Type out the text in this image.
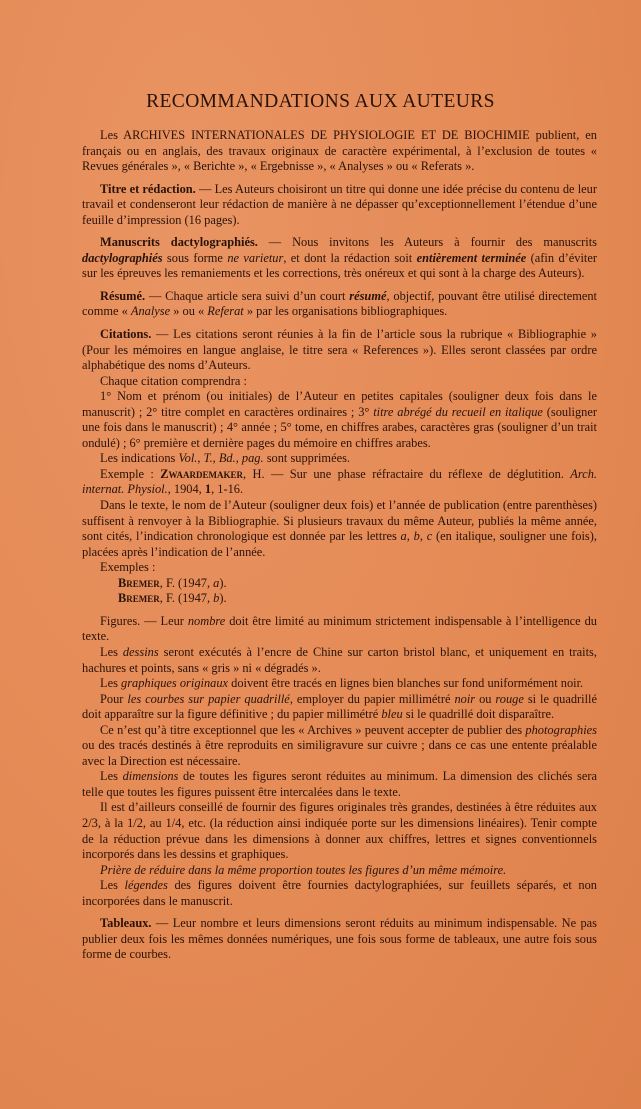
RECOMMANDATIONS AUX AUTEURS

Les ARCHIVES INTERNATIONALES DE PHYSIOLOGIE ET DE BIOCHIMIE publient, en français ou en anglais, des travaux originaux de caractère expérimental, à l’exclusion de toutes « Revues générales », « Berichte », « Ergebnisse », « Analyses » ou « Referats ».

Titre et rédaction. — Les Auteurs choisiront un titre qui donne une idée précise du contenu de leur travail et condenseront leur rédaction de manière à ne dépasser qu’exceptionnellement l’étendue d’une feuille d’impression (16 pages).

Manuscrits dactylographiés. — Nous invitons les Auteurs à fournir des manuscrits dactylographiés sous forme ne varietur, et dont la rédaction soit entièrement terminée (afin d’éviter sur les épreuves les remaniements et les corrections, très onéreux et qui sont à la charge des Auteurs).

Résumé. — Chaque article sera suivi d’un court résumé, objectif, pouvant être utilisé directement comme « Analyse » ou « Referat » par les organisations bibliographiques.

Citations. — Les citations seront réunies à la fin de l’article sous la rubrique « Bibliographie » (Pour les mémoires en langue anglaise, le titre sera « References »). Elles seront classées par ordre alphabétique des noms d’Auteurs.

Chaque citation comprendra :

1° Nom et prénom (ou initiales) de l’Auteur en petites capitales (souligner deux fois dans le manuscrit) ; 2° titre complet en caractères ordinaires ; 3° titre abrégé du recueil en italique (souligner une fois dans le manuscrit) ; 4° année ; 5° tome, en chiffres arabes, caractères gras (souligner d’un trait ondulé) ; 6° première et dernière pages du mémoire en chiffres arabes.

Les indications Vol., T., Bd., pag. sont supprimées.

Exemple : Zwaardemaker, H. — Sur une phase réfractaire du réflexe de déglutition. Arch. internat. Physiol., 1904, 1, 1-16.

Dans le texte, le nom de l’Auteur (souligner deux fois) et l’année de publication (entre parenthèses) suffisent à renvoyer à la Bibliographie. Si plusieurs travaux du même Auteur, publiés la même année, sont cités, l’indication chronologique est donnée par les lettres a, b, c (en italique, souligner une fois), placées après l’indication de l’année.

Exemples :

Bremer, F. (1947, a).

Bremer, F. (1947, b).

Figures. — Leur nombre doit être limité au minimum strictement indispensable à l’intelligence du texte.

Les dessins seront exécutés à l’encre de Chine sur carton bristol blanc, et uniquement en traits, hachures et points, sans « gris » ni « dégradés ».

Les graphiques originaux doivent être tracés en lignes bien blanches sur fond uniformément noir.

Pour les courbes sur papier quadrillé, employer du papier millimétré noir ou rouge si le quadrillé doit apparaître sur la figure définitive ; du papier millimétré bleu si le quadrillé doit disparaître.

Ce n’est qu’à titre exceptionnel que les « Archives » peuvent accepter de publier des photographies ou des tracés destinés à être reproduits en similigravure sur cuivre ; dans ce cas une entente préalable avec la Direction est nécessaire.

Les dimensions de toutes les figures seront réduites au minimum. La dimension des clichés sera telle que toutes les figures puissent être intercalées dans le texte.

Il est d’ailleurs conseillé de fournir des figures originales très grandes, destinées à être réduites aux 2/3, à la 1/2, au 1/4, etc. (la réduction ainsi indiquée porte sur les dimensions linéaires). Tenir compte de la réduction prévue dans les dimensions à donner aux chiffres, lettres et signes conventionnels incorporés dans les dessins et graphiques.

Prière de réduire dans la même proportion toutes les figures d’un même mémoire.

Les légendes des figures doivent être fournies dactylographiées, sur feuillets séparés, et non incorporées dans le manuscrit.

Tableaux. — Leur nombre et leurs dimensions seront réduits au minimum indispensable. Ne pas publier deux fois les mêmes données numériques, une fois sous forme de tableaux, une autre fois sous forme de courbes.
